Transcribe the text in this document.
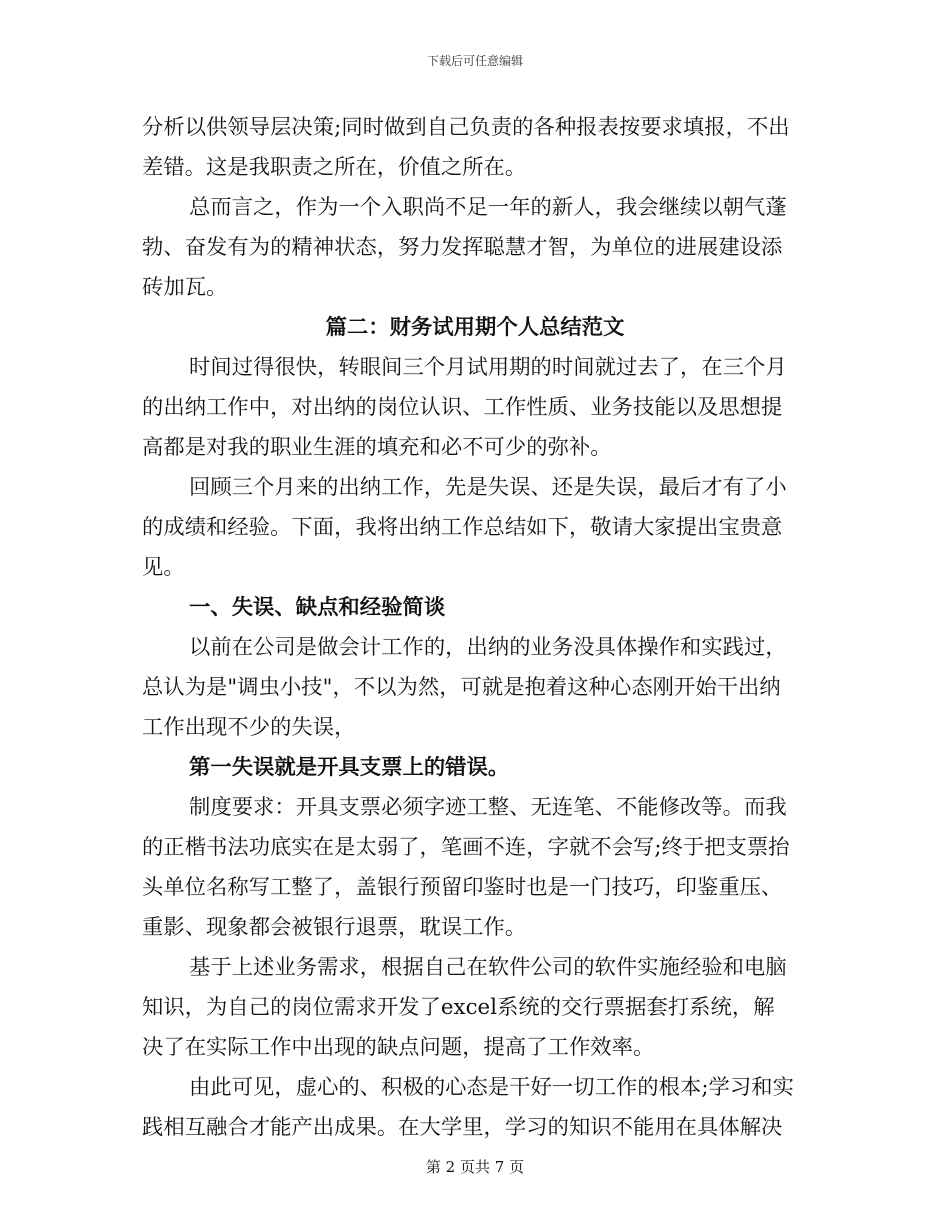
下载后可任意编辑
分析以供领导层决策;同时做到自己负责的各种报表按要求填报，不出
差错。这是我职责之所在，价值之所在。
总而言之，作为一个入职尚不足一年的新人，我会继续以朝气蓬
勃、奋发有为的精神状态，努力发挥聪慧才智，为单位的进展建设添
砖加瓦。
篇二：财务试用期个人总结范文
时间过得很快，转眼间三个月试用期的时间就过去了，在三个月
的出纳工作中，对出纳的岗位认识、工作性质、业务技能以及思想提
高都是对我的职业生涯的填充和必不可少的弥补。
回顾三个月来的出纳工作，先是失误、还是失误，最后才有了小
的成绩和经验。下面，我将出纳工作总结如下，敬请大家提出宝贵意
见。
一、失误、缺点和经验简谈
以前在公司是做会计工作的，出纳的业务没具体操作和实践过，
总认为是"调虫小技"，不以为然，可就是抱着这种心态刚开始干出纳
工作出现不少的失误，
第一失误就是开具支票上的错误。
制度要求：开具支票必须字迹工整、无连笔、不能修改等。而我
的正楷书法功底实在是太弱了，笔画不连，字就不会写;终于把支票抬
头单位名称写工整了，盖银行预留印鉴时也是一门技巧，印鉴重压、
重影、现象都会被银行退票，耽误工作。
基于上述业务需求，根据自己在软件公司的软件实施经验和电脑
知识，为自己的岗位需求开发了excel系统的交行票据套打系统，解
决了在实际工作中出现的缺点问题，提高了工作效率。
由此可见，虚心的、积极的心态是干好一切工作的根本;学习和实
践相互融合才能产出成果。在大学里，学习的知识不能用在具体解决
第 2 页共 7 页
